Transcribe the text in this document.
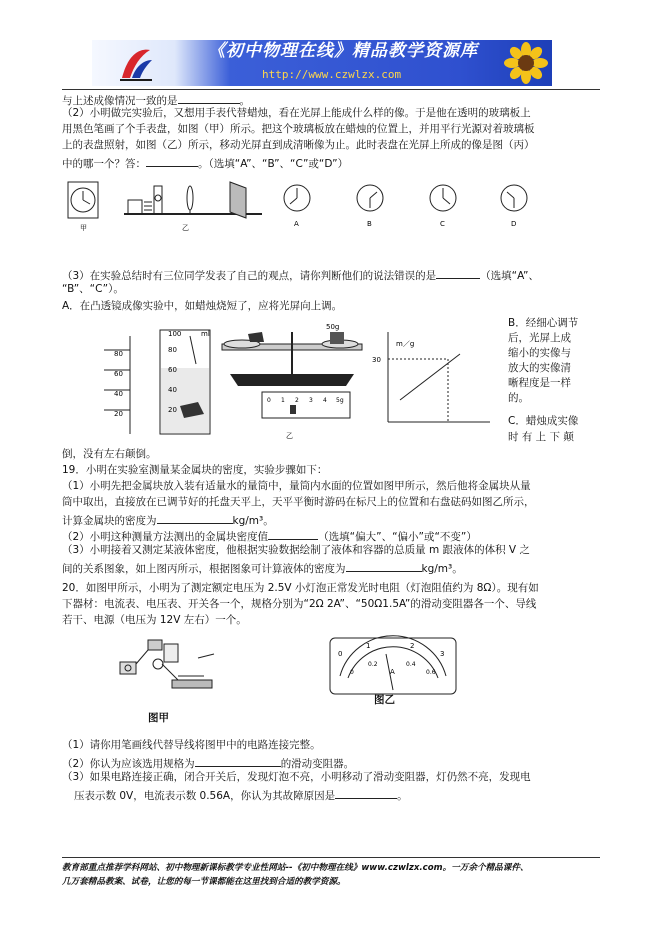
《初中物理在线》精品教学资源库
http://www.czwlzx.com
与上述成像情况一致的是	。
（2）小明做完实验后，又想用手表代替蜡烛，看在光屏上能成什么样的像。于是他在透明的玻璃板上
用黑色笔画了个手表盘，如图（甲）所示。把这个玻璃板放在蜡烛的位置上，并用平行光源对着玻璃板
上的表盘照射，如图（乙）所示，移动光屏直到成清晰像为止。此时表盘在光屏上所成的像是图（丙）
中的哪一个？答：	。（选填“A”、“B”、“C”或“D”）
甲	乙	A	B	C	D
（3）在实验总结时有三位同学发表了自己的观点，请你判断他们的说法错误的是	（选填“A”、
“B”、“C”）。
A．在凸透镜成像实验中，如蜡烛烧短了，应将光屏向上调。
B．经细心调节
后，光屏上成
缩小的实像与
放大的实像清
晰程度是一样
的。
C．蜡烛成实像
时 有 上 下 颠
80
60
40
20
100	ml
80
60
40
20
50g
0 1 2 3 4 5g
乙
m／g
30
倒，没有左右颠倒。
19．小明在实验室测量某金属块的密度，实验步骤如下：
（1）小明先把金属块放入装有适量水的量筒中，量筒内水面的位置如图甲所示，然后他将金属块从量
筒中取出，直接放在已调节好的托盘天平上，天平平衡时游码在标尺上的位置和右盘砝码如图乙所示，
计算金属块的密度为	kg/m³。
（2）小明这种测量方法测出的金属块密度值	（选填“偏大”、“偏小”或“不变”）
（3）小明接着又测定某液体密度，他根据实验数据绘制了液体和容器的总质量 m 跟液体的体积 V 之
间的关系图象，如上图丙所示，根据图象可计算液体的密度为	kg/m³。
20．如图甲所示，小明为了测定额定电压为 2.5V 小灯泡正常发光时电阻（灯泡阻值约为 8Ω）。现有如
下器材：电流表、电压表、开关各一个，规格分别为“2Ω 2A”、“50Ω1.5A”的滑动变阻器各一个、导线
若干、电源（电压为 12V 左右）一个。
图甲
0
1	2
3
0
0.2	0.4
0.6
A
图乙
（1）请你用笔画线代替导线将图甲中的电路连接完整。
（2）你认为应该选用规格为	的滑动变阻器。
（3）如果电路连接正确，闭合开关后，发现灯泡不亮，小明移动了滑动变阻器，灯仍然不亮，发现电
压表示数 0V，电流表示数 0.56A，你认为其故障原因是	。
教育部重点推荐学科网站、初中物理新课标教学专业性网站--《初中物理在线》www.czwlzx.com。一万余个精品课件、
几万套精品教案、试卷，让您的每一节课都能在这里找到合适的教学资源。
